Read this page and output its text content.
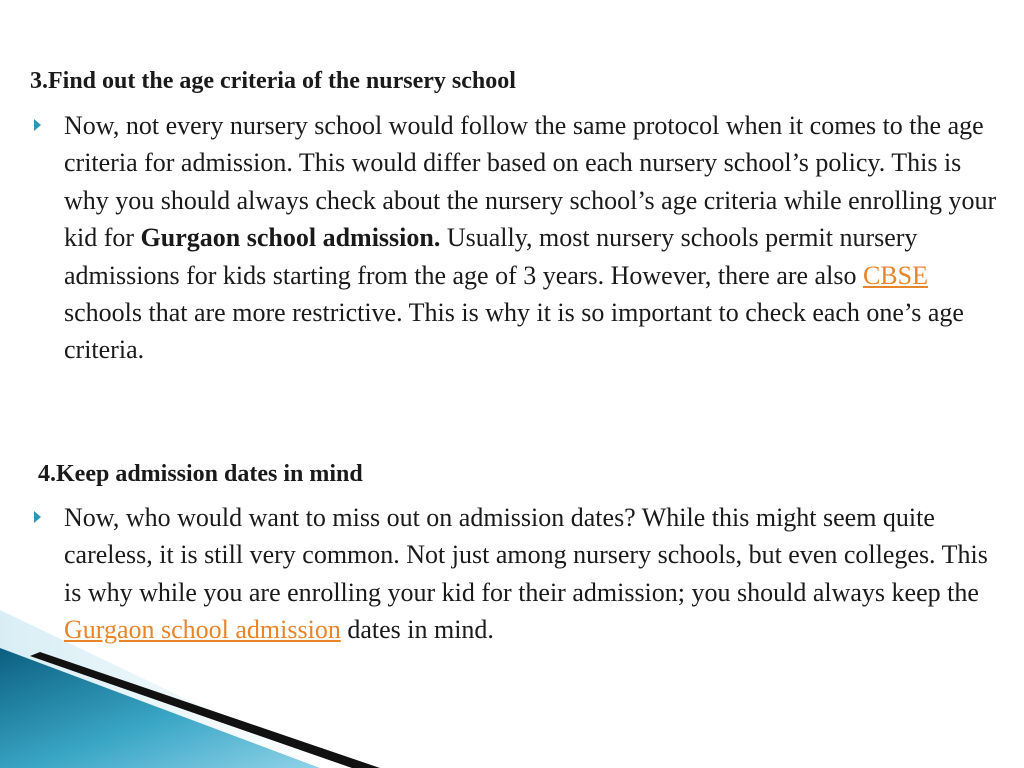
3.Find out the age criteria of the nursery school

Now, not every nursery school would follow the same protocol when it comes to the age criteria for admission. This would differ based on each nursery school’s policy. This is why you should always check about the nursery school’s age criteria while enrolling your kid for Gurgaon school admission. Usually, most nursery schools permit nursery admissions for kids starting from the age of 3 years. However, there are also CBSE schools that are more restrictive. This is why it is so important to check each one’s age criteria.

4.Keep admission dates in mind

Now, who would want to miss out on admission dates? While this might seem quite careless, it is still very common. Not just among nursery schools, but even colleges. This is why while you are enrolling your kid for their admission; you should always keep the Gurgaon school admission dates in mind.
